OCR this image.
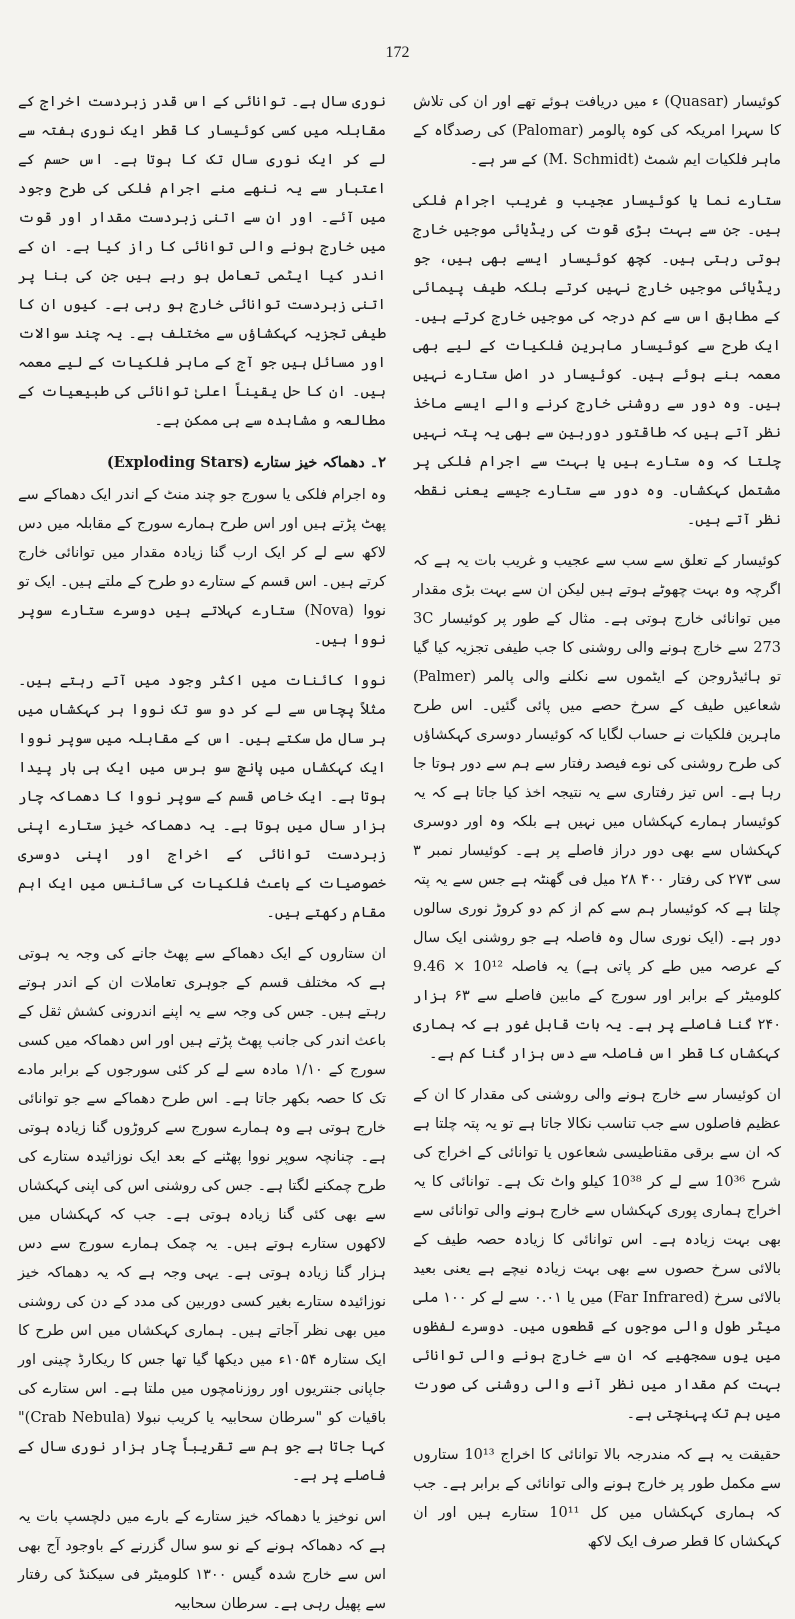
172

کوئیسار (Quasar) ء میں دریافت ہوئے تھے اور ان کی تلاش کا سہرا امریکہ کی کوہ پالومر (Palomar) کی رصدگاہ کے ماہر فلکیات ایم شمٹ (M. Schmidt) کے سر ہے۔

ستارے نما یا کوئیسار عجیب و غریب اجرام فلکی ہیں۔ جن سے بہت بڑی قوت کی ریڈیائی موجیں خارج ہوتی رہتی ہیں۔ کچھ کوئیسار ایسے بھی ہیں، جو ریڈیائی موجیں خارج نہیں کرتے بلکہ طیف پیمائی کے مطابق اس سے کم درجہ کی موجیں خارج کرتے ہیں۔ ایک طرح سے کوئیسار ماہرین فلکیات کے لیے بھی معمہ بنے ہوئے ہیں۔ کوئیسار در اصل ستارے نہیں ہیں۔ وہ دور سے روشنی خارج کرنے والے ایسے ماخذ نظر آتے ہیں کہ طاقتور دوربین سے بھی یہ پتہ نہیں چلتا کہ وہ ستارے ہیں یا بہت سے اجرام فلکی پر مشتمل کہکشاں۔ وہ دور سے ستارے جیسے یعنی نقطہ نظر آتے ہیں۔

کوئیسار کے تعلق سے سب سے عجیب و غریب بات یہ ہے کہ اگرچہ وہ بہت چھوٹے ہوتے ہیں لیکن ان سے بہت بڑی مقدار میں توانائی خارج ہوتی ہے۔ مثال کے طور پر کوئیسار 3C 273 سے خارج ہونے والی روشنی کا جب طیفی تجزیہ کیا گیا تو ہائیڈروجن کے ایٹموں سے نکلنے والی پالمر (Palmer) شعاعیں طیف کے سرخ حصے میں پائی گئیں۔ اس طرح ماہرین فلکیات نے حساب لگایا کہ کوئیسار دوسری کہکشاؤں کی طرح روشنی کی نوے فیصد رفتار سے ہم سے دور ہوتا جا رہا ہے۔ اس تیز رفتاری سے یہ نتیجہ اخذ کیا جاتا ہے کہ یہ کوئیسار ہمارے کہکشاں میں نہیں ہے بلکہ وہ اور دوسری کہکشاں سے بھی دور دراز فاصلے پر ہے۔ کوئیسار نمبر ۳ سی ۲۷۳ کی رفتار ۴۰۰ ۲۸ میل فی گھنٹہ ہے جس سے یہ پتہ چلتا ہے کہ کوئیسار ہم سے کم از کم دو کروڑ نوری سالوں دور ہے۔ (ایک نوری سال وہ فاصلہ ہے جو روشنی ایک سال کے عرصہ میں طے کر پاتی ہے) یہ فاصلہ 10¹² × 9.46 کلومیٹر کے برابر اور سورج کے مابین فاصلے سے ۶۳ ہزار ۲۴۰ گنا فاصلے پر ہے۔ یہ بات قابل غور ہے کہ ہماری کہکشاں کا قطر اس فاصلہ سے دس ہزار گنا کم ہے۔

ان کوئیسار سے خارج ہونے والی روشنی کی مقدار کا ان کے عظیم فاصلوں سے جب تناسب نکالا جاتا ہے تو یہ پتہ چلتا ہے کہ ان سے برقی مقناطیسی شعاعوں یا توانائی کے اخراج کی شرح 10³⁶ سے لے کر 10³⁸ کیلو واٹ تک ہے۔ توانائی کا یہ اخراج ہماری پوری کہکشاں سے خارج ہونے والی توانائی سے بھی بہت زیادہ ہے۔ اس توانائی کا زیادہ حصہ طیف کے بالائی سرخ حصوں سے بھی بہت زیادہ نیچے ہے یعنی بعید بالائی سرخ (Far Infrared) میں یا ۰.۰۱ سے لے کر ۱۰۰ ملی میٹر طول والی موجوں کے قطعوں میں۔ دوسرے لفظوں میں یوں سمجھیے کہ ان سے خارج ہونے والی توانائی بہت کم مقدار میں نظر آنے والی روشنی کی صورت میں ہم تک پہنچتی ہے۔

حقیقت یہ ہے کہ مندرجہ بالا توانائی کا اخراج 10¹³ ستاروں سے مکمل طور پر خارج ہونے والی توانائی کے برابر ہے۔ جب کہ ہماری کہکشاں میں کل 10¹¹ ستارے ہیں اور ان کہکشاں کا قطر صرف ایک لاکھ

نوری سال ہے۔ توانائی کے اس قدر زبردست اخراج کے مقابلہ میں کسی کوئیسار کا قطر ایک نوری ہفتہ سے لے کر ایک نوری سال تک کا ہوتا ہے۔ اس حسم کے اعتبار سے یہ ننھے منے اجرام فلکی کی طرح وجود میں آئے۔ اور ان سے اتنی زبردست مقدار اور قوت میں خارج ہونے والی توانائی کا راز کیا ہے۔ ان کے اندر کیا ایٹمی تعامل ہو رہے ہیں جن کی بنا پر اتنی زبردست توانائی خارج ہو رہی ہے۔ کیوں ان کا طیفی تجزیہ کہکشاؤں سے مختلف ہے۔ یہ چند سوالات اور مسائل ہیں جو آج کے ماہر فلکیات کے لیے معمہ ہیں۔ ان کا حل یقیناً اعلیٰ توانائی کی طبیعیات کے مطالعہ و مشاہدہ سے ہی ممکن ہے۔

۲۔ دھماکہ خیز ستارے (Exploding Stars)

وہ اجرام فلکی یا سورج جو چند منٹ کے اندر ایک دھماکے سے پھٹ پڑتے ہیں اور اس طرح ہمارے سورج کے مقابلہ میں دس لاکھ سے لے کر ایک ارب گنا زیادہ مقدار میں توانائی خارج کرتے ہیں۔ اس قسم کے ستارے دو طرح کے ملتے ہیں۔ ایک تو نووا (Nova) ستارے کہلاتے ہیں دوسرے ستارے سوپر نووا ہیں۔

نووا کائنات میں اکثر وجود میں آتے رہتے ہیں۔ مثلاً پچاس سے لے کر دو سو تک نووا ہر کہکشاں میں ہر سال مل سکتے ہیں۔ اس کے مقابلہ میں سوپر نووا ایک کہکشاں میں پانچ سو برس میں ایک ہی بار پیدا ہوتا ہے۔ ایک خاص قسم کے سوپر نووا کا دھماکہ چار ہزار سال میں ہوتا ہے۔ یہ دھماکہ خیز ستارے اپنی زبردست توانائی کے اخراج اور اپنی دوسری خصوصیات کے باعث فلکیات کی سائنس میں ایک اہم مقام رکھتے ہیں۔

ان ستاروں کے ایک دھماکے سے پھٹ جانے کی وجہ یہ ہوتی ہے کہ مختلف قسم کے جوہری تعاملات ان کے اندر ہوتے رہتے ہیں۔ جس کی وجہ سے یہ اپنے اندرونی کشش ثقل کے باعث اندر کی جانب پھٹ پڑتے ہیں اور اس دھماکہ میں کسی سورج کے ۱/۱۰ مادہ سے لے کر کئی سورجوں کے برابر مادے تک کا حصہ بکھر جاتا ہے۔ اس طرح دھماکے سے جو توانائی خارج ہوتی ہے وہ ہمارے سورج سے کروڑوں گنا زیادہ ہوتی ہے۔ چنانچہ سوپر نووا پھٹنے کے بعد ایک نوزائیدہ ستارے کی طرح چمکنے لگتا ہے۔ جس کی روشنی اس کی اپنی کہکشاں سے بھی کئی گنا زیادہ ہوتی ہے۔ جب کہ کہکشاں میں لاکھوں ستارے ہوتے ہیں۔ یہ چمک ہمارے سورج سے دس ہزار گنا زیادہ ہوتی ہے۔ یہی وجہ ہے کہ یہ دھماکہ خیز نوزائیدہ ستارے بغیر کسی دوربین کی مدد کے دن کی روشنی میں بھی نظر آجاتے ہیں۔ ہماری کہکشاں میں اس طرح کا ایک ستارہ ۱۰۵۴ء میں دیکھا گیا تھا جس کا ریکارڈ چینی اور جاپانی جنتریوں اور روزنامچوں میں ملتا ہے۔ اس ستارے کی باقیات کو "سرطان سحابیہ یا کریب نبولا (Crab Nebula)" کہا جاتا ہے جو ہم سے تقریباً چار ہزار نوری سال کے فاصلے پر ہے۔

اس نوخیز یا دھماکہ خیز ستارے کے بارے میں دلچسپ بات یہ ہے کہ دھماکہ ہونے کے نو سو سال گزرنے کے باوجود آج بھی اس سے خارج شدہ گیس ۱۳۰۰ کلومیٹر فی سیکنڈ کی رفتار سے پھیل رہی ہے۔ سرطان سحابیہ
